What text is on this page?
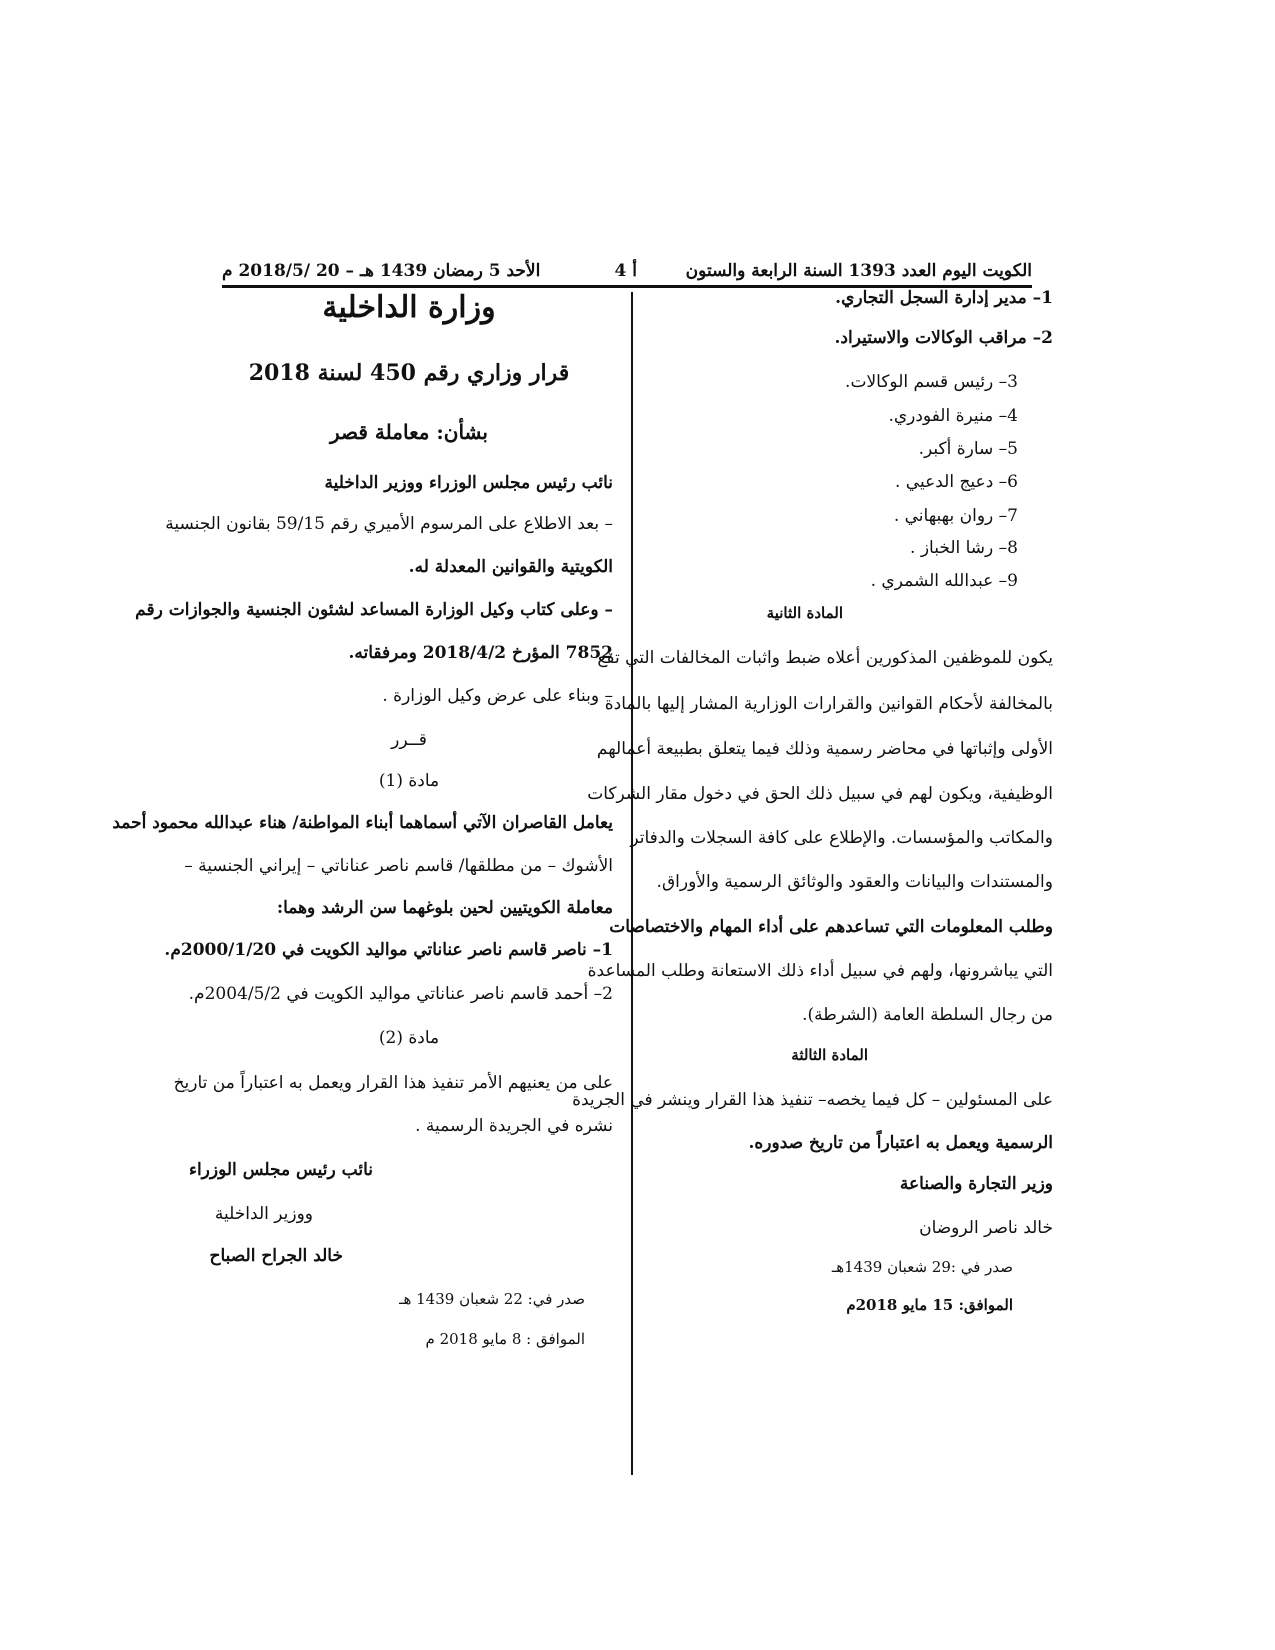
الكويت اليوم العدد 1393 السنة الرابعة والستون
أ 4
الأحد 5 رمضان 1439 هـ – 20 /2018/5 م
1– مدير إدارة السجل التجاري.
2– مراقب الوكالات والاستيراد.
3– رئيس قسم الوكالات.
4– منيرة الفودري.
5– سارة أكبر.
6– دعيج الدعيي .
7– روان بهبهاني .
8– رشا الخباز .
9– عبدالله الشمري .
المادة الثانية
يكون للموظفين المذكورين أعلاه ضبط واثبات المخالفات التي تقع
بالمخالفة لأحكام القوانين والقرارات الوزارية المشار إليها بالمادة
الأولى وإثباتها في محاضر رسمية وذلك فيما يتعلق بطبيعة أعمالهم
الوظيفية، ويكون لهم في سبيل ذلك الحق في دخول مقار الشركات
والمكاتب والمؤسسات. والإطلاع على كافة السجلات والدفاتر
والمستندات والبيانات والعقود والوثائق الرسمية والأوراق.
وطلب المعلومات التي تساعدهم على أداء المهام والاختصاصات
التي يباشرونها، ولهم في سبيل أداء ذلك الاستعانة وطلب المساعدة
من رجال السلطة العامة (الشرطة).
المادة الثالثة
على المسئولين – كل فيما يخصه– تنفيذ هذا القرار وينشر في الجريدة
الرسمية ويعمل به اعتباراً من تاريخ صدوره.
وزير التجارة والصناعة
خالد ناصر الروضان
صدر في :29 شعبان 1439هـ
الموافق: 15 مايو 2018م
وزارة الداخلية
قرار وزاري رقم 450 لسنة 2018
بشأن: معاملة قصر
نائب رئيس مجلس الوزراء ووزير الداخلية
– بعد الاطلاع على المرسوم الأميري رقم 59/15 بقانون الجنسية
الكويتية والقوانين المعدلة له.
– وعلى كتاب وكيل الوزارة المساعد لشئون الجنسية والجوازات رقم
7852 المؤرخ 2018/4/2 ومرفقاته.
– وبناء على عرض وكيل الوزارة .
قــرر
مادة (1)
يعامل القاصران الآتي أسماهما أبناء المواطنة/ هناء عبدالله محمود أحمد
الأشوك – من مطلقها/ قاسم ناصر عناناتي – إيراني الجنسية –
معاملة الكويتيين لحين بلوغهما سن الرشد وهما:
1– ناصر قاسم ناصر عناناتي مواليد الكويت في 2000/1/20م.
2– أحمد قاسم ناصر عناناتي مواليد الكويت في 2004/5/2م.
مادة (2)
على من يعنيهم الأمر تنفيذ هذا القرار ويعمل به اعتباراً من تاريخ
نشره في الجريدة الرسمية .
نائب رئيس مجلس الوزراء
ووزير الداخلية
خالد الجراح الصباح
صدر في: 22 شعبان 1439 هـ
الموافق : 8 مايو 2018 م
